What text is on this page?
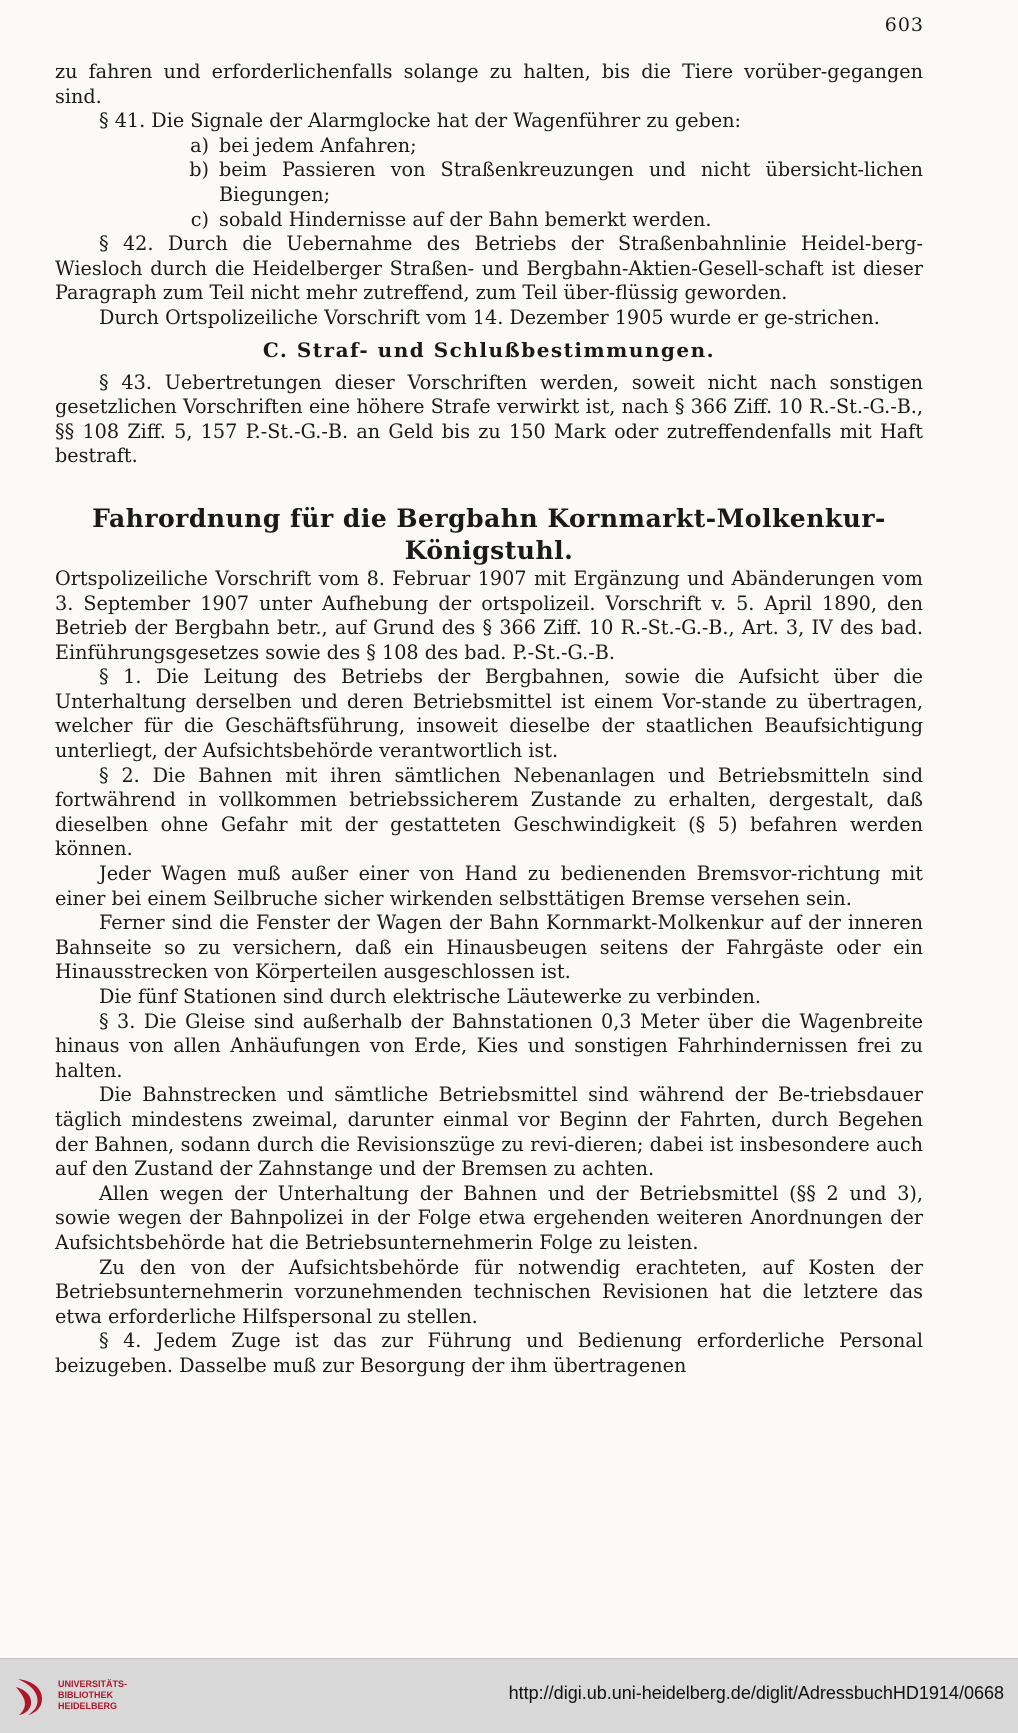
603

zu fahren und erforderlichenfalls solange zu halten, bis die Tiere vorüber-gegangen sind.

§ 41. Die Signale der Alarmglocke hat der Wagenführer zu geben:

a) bei jedem Anfahren;
b) beim Passieren von Straßenkreuzungen und nicht übersicht-lichen Biegungen;
c) sobald Hindernisse auf der Bahn bemerkt werden.

§ 42. Durch die Uebernahme des Betriebs der Straßenbahnlinie Heidel-berg-Wiesloch durch die Heidelberger Straßen- und Bergbahn-Aktien-Gesell-schaft ist dieser Paragraph zum Teil nicht mehr zutreffend, zum Teil über-flüssig geworden.

Durch Ortspolizeiliche Vorschrift vom 14. Dezember 1905 wurde er ge-strichen.

C. Straf- und Schlußbestimmungen.

§ 43. Uebertretungen dieser Vorschriften werden, soweit nicht nach sonstigen gesetzlichen Vorschriften eine höhere Strafe verwirkt ist, nach § 366 Ziff. 10 R.-St.-G.-B., §§ 108 Ziff. 5, 157 P.-St.-G.-B. an Geld bis zu 150 Mark oder zutreffendenfalls mit Haft bestraft.

Fahrordnung für die Bergbahn Kornmarkt-Molkenkur-
Königstuhl.

Ortspolizeiliche Vorschrift vom 8. Februar 1907 mit Ergänzung und Abänderungen vom 3. September 1907 unter Aufhebung der ortspolizeil. Vorschrift v. 5. April 1890, den Betrieb der Bergbahn betr., auf Grund des § 366 Ziff. 10 R.-St.-G.-B., Art. 3, IV des bad. Einführungsgesetzes sowie des § 108 des bad. P.-St.-G.-B.

§ 1. Die Leitung des Betriebs der Bergbahnen, sowie die Aufsicht über die Unterhaltung derselben und deren Betriebsmittel ist einem Vor-stande zu übertragen, welcher für die Geschäftsführung, insoweit dieselbe der staatlichen Beaufsichtigung unterliegt, der Aufsichtsbehörde verantwortlich ist.

§ 2. Die Bahnen mit ihren sämtlichen Nebenanlagen und Betriebsmitteln sind fortwährend in vollkommen betriebssicherem Zustande zu erhalten, dergestalt, daß dieselben ohne Gefahr mit der gestatteten Geschwindigkeit (§ 5) befahren werden können.

Jeder Wagen muß außer einer von Hand zu bedienenden Bremsvor-richtung mit einer bei einem Seilbruche sicher wirkenden selbsttätigen Bremse versehen sein.

Ferner sind die Fenster der Wagen der Bahn Kornmarkt-Molkenkur auf der inneren Bahnseite so zu versichern, daß ein Hinausbeugen seitens der Fahrgäste oder ein Hinausstrecken von Körperteilen ausgeschlossen ist.

Die fünf Stationen sind durch elektrische Läutewerke zu verbinden.

§ 3. Die Gleise sind außerhalb der Bahnstationen 0,3 Meter über die Wagenbreite hinaus von allen Anhäufungen von Erde, Kies und sonstigen Fahrhindernissen frei zu halten.

Die Bahnstrecken und sämtliche Betriebsmittel sind während der Be-triebsdauer täglich mindestens zweimal, darunter einmal vor Beginn der Fahrten, durch Begehen der Bahnen, sodann durch die Revisionszüge zu revi-dieren; dabei ist insbesondere auch auf den Zustand der Zahnstange und der Bremsen zu achten.

Allen wegen der Unterhaltung der Bahnen und der Betriebsmittel (§§ 2 und 3), sowie wegen der Bahnpolizei in der Folge etwa ergehenden weiteren Anordnungen der Aufsichtsbehörde hat die Betriebsunternehmerin Folge zu leisten.

Zu den von der Aufsichtsbehörde für notwendig erachteten, auf Kosten der Betriebsunternehmerin vorzunehmenden technischen Revisionen hat die letztere das etwa erforderliche Hilfspersonal zu stellen.

§ 4. Jedem Zuge ist das zur Führung und Bedienung erforderliche Personal beizugeben. Dasselbe muß zur Besorgung der ihm übertragenen

UNIVERSITÄTS-
BIBLIOTHEK
HEIDELBERG
http://digi.ub.uni-heidelberg.de/diglit/AdressbuchHD1914/0668
